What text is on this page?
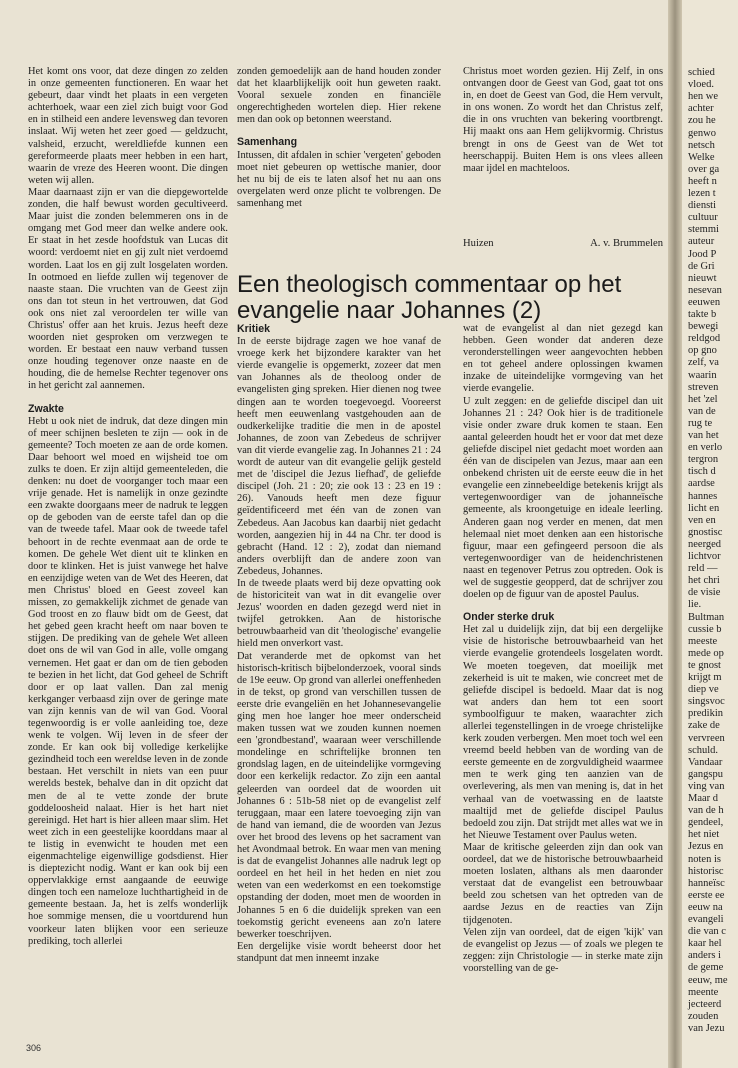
Het komt ons voor, dat deze dingen zo zelden in onze gemeenten functioneren. En waar het gebeurt, daar vindt het plaats in een vergeten achterhoek, waar een ziel zich buigt voor God en in stilheid een andere levensweg dan tevoren inslaat. Wij weten het zeer goed — geldzucht, valsheid, erzucht, wereldliefde kunnen een gereformeerde plaats meer hebben in een hart, waarin de vreze des Heeren woont. Die dingen weten wij allen.

Maar daarnaast zijn er van die diepgewortelde zonden, die half bewust worden gecultiveerd. Maar juist die zonden belemmeren ons in de omgang met God meer dan welke andere ook. Er staat in het zesde hoofdstuk van Lucas dit woord: verdoemt niet en gij zult niet verdoemd worden. Laat los en gij zult losgelaten worden. In ootmoed en liefde zullen wij tegenover de naaste staan. Die vruchten van de Geest zijn ons dan tot steun in het vertrouwen, dat God ook ons niet zal veroordelen ter wille van Christus' offer aan het kruis. Jezus heeft deze woorden niet gesproken om verzwegen te worden. Er bestaat een nauw verband tussen onze houding tegenover onze naaste en de houding, die de hemelse Rechter tegenover ons in het gericht zal aannemen.

Zwakte

Hebt u ook niet de indruk, dat deze dingen min of meer schijnen besleten te zijn — ook in de gemeente? Toch moeten ze aan de orde komen. Daar behoort wel moed en wijsheid toe om zulks te doen. Er zijn altijd gemeenteleden, die denken: nu doet de voorganger toch maar een vrije genade. Het is namelijk in onze gezindte een zwakte doorgaans meer de nadruk te leggen op de geboden van de eerste tafel dan op die van de tweede tafel. Maar ook de tweede tafel behoort in de rechte evenmaat aan de orde te komen. De gehele Wet dient uit te klinken en door te klinken. Het is juist vanwege het halve en eenzijdige weten van de Wet des Heeren, dat men Christus' bloed en Geest zoveel kan missen, zo gemakkelijk zichmet de genade van God troost en zo flauw bidt om de Geest, dat het gebed geen kracht heeft om naar boven te stijgen. De prediking van de gehele Wet alleen doet ons de wil van God in alle, volle omgang vernemen. Het gaat er dan om de tien geboden te bezien in het licht, dat God geheel de Schrift door er op laat vallen. Dan zal menig kerkganger verbaasd zijn over de geringe mate van zijn kennis van de wil van God. Vooral tegenwoordig is er volle aanleiding toe, deze wenk te volgen. Wij leven in de sfeer der zonde. Er kan ook bij volledige kerkelijke gezindheid toch een wereldse leven in de zonde bestaan. Het verschilt in niets van een puur werelds bestek, behalve dan in dit opzicht dat men de al te vette zonde der brute goddeloosheid nalaat. Hier is het hart niet gereinigd. Het hart is hier alleen maar slim. Het weet zich in een geestelijke koorddans maar al te listig in evenwicht te houden met een eigenmachtelige eigenwillige godsdienst. Hier is dieptezicht nodig. Want er kan ook bij een oppervlakkige ernst aangaande de eeuwige dingen toch een nameloze luchthartigheid in de gemeente bestaan. Ja, het is zelfs wonderlijk hoe sommige mensen, die u voortdurend hun voorkeur laten blijken voor een serieuze prediking, toch allerlei

zonden gemoedelijk aan de hand houden zonder dat het klaarblijkelijk ooit hun geweten raakt. Vooral sexuele zonden en financiële ongerechtigheden wortelen diep. Hier rekene men dan ook op betonnen weerstand.

Samenhang

Intussen, dit afdalen in schier 'vergeten' geboden moet niet gebeuren op wettische manier, door het nu bij de eis te laten alsof het nu aan ons overgelaten werd onze plicht te volbrengen. De samenhang met

Christus moet worden gezien. Hij Zelf, in ons ontvangen door de Geest van God, gaat tot ons in, en doet de Geest van God, die Hem vervult, in ons wonen. Zo wordt het dan Christus zelf, die in ons vruchten van bekering voortbrengt. Hij maakt ons aan Hem gelijkvormig. Christus brengt in ons de Geest van de Wet tot heerschappij. Buiten Hem is ons vlees alleen maar ijdel en machteloos.

Huizen	A. v. Brummelen
Een theologisch commentaar op het evangelie naar Johannes (2)
Kritiek

In de eerste bijdrage zagen we hoe vanaf de vroege kerk het bijzondere karakter van het vierde evangelie is opgemerkt, zozeer dat men van Johannes als de theoloog onder de evangelisten ging spreken. Hier dienen nog twee dingen aan te worden toegevoegd. Vooreerst heeft men eeuwenlang vastgehouden aan de oudkerkelijke traditie die men in de apostel Johannes, de zoon van Zebedeus de schrijver van dit vierde evangelie zag. In Johannes 21 : 24 wordt de auteur van dit evangelie gelijk gesteld met de 'discipel die Jezus liefhad', de geliefde discipel (Joh. 21 : 20; zie ook 13 : 23 en 19 : 26). Vanouds heeft men deze figuur geïdentificeerd met één van de zonen van Zebedeus. Aan Jacobus kan daarbij niet gedacht worden, aangezien hij in 44 na Chr. ter dood is gebracht (Hand. 12 : 2), zodat dan niemand anders overblijft dan de andere zoon van Zebedeus, Johannes.

In de tweede plaats werd bij deze opvatting ook de historiciteit van wat in dit evangelie over Jezus' woorden en daden gezegd werd niet in twijfel getrokken. Aan de historische betrouwbaarheid van dit 'theologische' evangelie hield men onverkort vast.

Dat veranderde met de opkomst van het historisch-kritisch bijbelonderzoek, vooral sinds de 19e eeuw. Op grond van allerlei oneffenheden in de tekst, op grond van verschillen tussen de eerste drie evangeliën en het Johannesevangelie ging men hoe langer hoe meer onderscheid maken tussen wat we zouden kunnen noemen een 'grondbestand', waaraan weer verschillende mondelinge en schriftelijke bronnen ten grondslag lagen, en de uiteindelijke vormgeving door een kerkelijk redactor. Zo zijn een aantal geleerden van oordeel dat de woorden uit Johannes 6 : 51b-58 niet op de evangelist zelf teruggaan, maar een latere toevoeging zijn van de hand van iemand, die de woorden van Jezus over het brood des levens op het sacrament van het Avondmaal betrok. En waar men van mening is dat de evangelist Johannes alle nadruk legt op oordeel en het heil in het heden en niet zou weten van een wederkomst en een toekomstige opstanding der doden, moet men de woorden in Johannes 5 en 6 die duidelijk spreken van een toekomstig gericht eveneens aan zo'n latere bewerker toeschrijven.

Een dergelijke visie wordt beheerst door het standpunt dat men inneemt inzake

wat de evangelist al dan niet gezegd kan hebben. Geen wonder dat anderen deze veronderstellingen weer aangevochten hebben en tot geheel andere oplossingen kwamen inzake de uiteindelijke vormgeving van het vierde evangelie.

U zult zeggen: en de geliefde discipel dan uit Johannes 21 : 24? Ook hier is de traditionele visie onder zware druk komen te staan. Een aantal geleerden houdt het er voor dat met deze geliefde discipel niet gedacht moet worden aan één van de discipelen van Jezus, maar aan een onbekend christen uit de eerste eeuw die in het evangelie een zinnebeeldige betekenis krijgt als vertegenwoordiger van de johanneïsche gemeente, als kroongetuige en ideale leerling. Anderen gaan nog verder en menen, dat men helemaal niet moet denken aan een historische figuur, maar een gefingeerd persoon die als vertegenwoordiger van de heidenchristenen naast en tegenover Petrus zou optreden. Ook is wel de suggestie geopperd, dat de schrijver zou doelen op de figuur van de apostel Paulus.

Onder sterke druk

Het zal u duidelijk zijn, dat bij een dergelijke visie de historische betrouwbaarheid van het vierde evangelie grotendeels losgelaten wordt. We moeten toegeven, dat moeilijk met zekerheid is uit te maken, wie concreet met de geliefde discipel is bedoeld. Maar dat is nog wat anders dan hem tot een soort symboolfiguur te maken, waarachter zich allerlei tegenstellingen in de vroege christelijke kerk zouden verbergen. Men moet toch wel een vreemd beeld hebben van de wording van de eerste gemeente en de zorgvuldigheid waarmee men te werk ging ten aanzien van de overlevering, als men van mening is, dat in het verhaal van de voetwassing en de laatste maaltijd met de geliefde discipel Paulus bedoeld zou zijn. Dat strijdt met alles wat we in het Nieuwe Testament over Paulus weten.

Maar de kritische geleerden zijn dan ook van oordeel, dat we de historische betrouwbaarheid moeten loslaten, althans als men daaronder verstaat dat de evangelist een betrouwbaar beeld zou schetsen van het optreden van de aardse Jezus en de reacties van Zijn tijdgenoten.

Velen zijn van oordeel, dat de eigen 'kijk' van de evangelist op Jezus — of zoals we plegen te zeggen: zijn Christologie — in sterke mate zijn voorstelling van de ge-

306
schied
vloed.
hen we
achter
zou he
genwo
netsch
Welke
over ga
heeft n
lezen t
diensti
cultuur
stemmi
auteur
Jood P
de Gri
nieuwt
nesevan
eeuwen
takte b
bewegi
reldgod
op gno
zelf, va
waarin
streven
het 'zel
van de
rug te
van het
en verlo
tergron
tisch d
aardse
hannes
licht en
ven en
gnostisc
neerged
lichtvor
reld —
het chri
de visie
lie.
Bultman
cussie b
meeste
mede op
te gnost
krijgt m
diep ve
singsvoc
predikin
zake de
vervreen
schuld.
Vandaar
gangspu
ving van
Maar d
van de h
gendeel,
het niet
Jezus en
noten is
historisc
hanneïsc
eerste ee
eeuw na
evangeli
die van c
kaar hel
anders i
de geme
eeuw, me
meente
jecteerd
zouden
van Jezu
